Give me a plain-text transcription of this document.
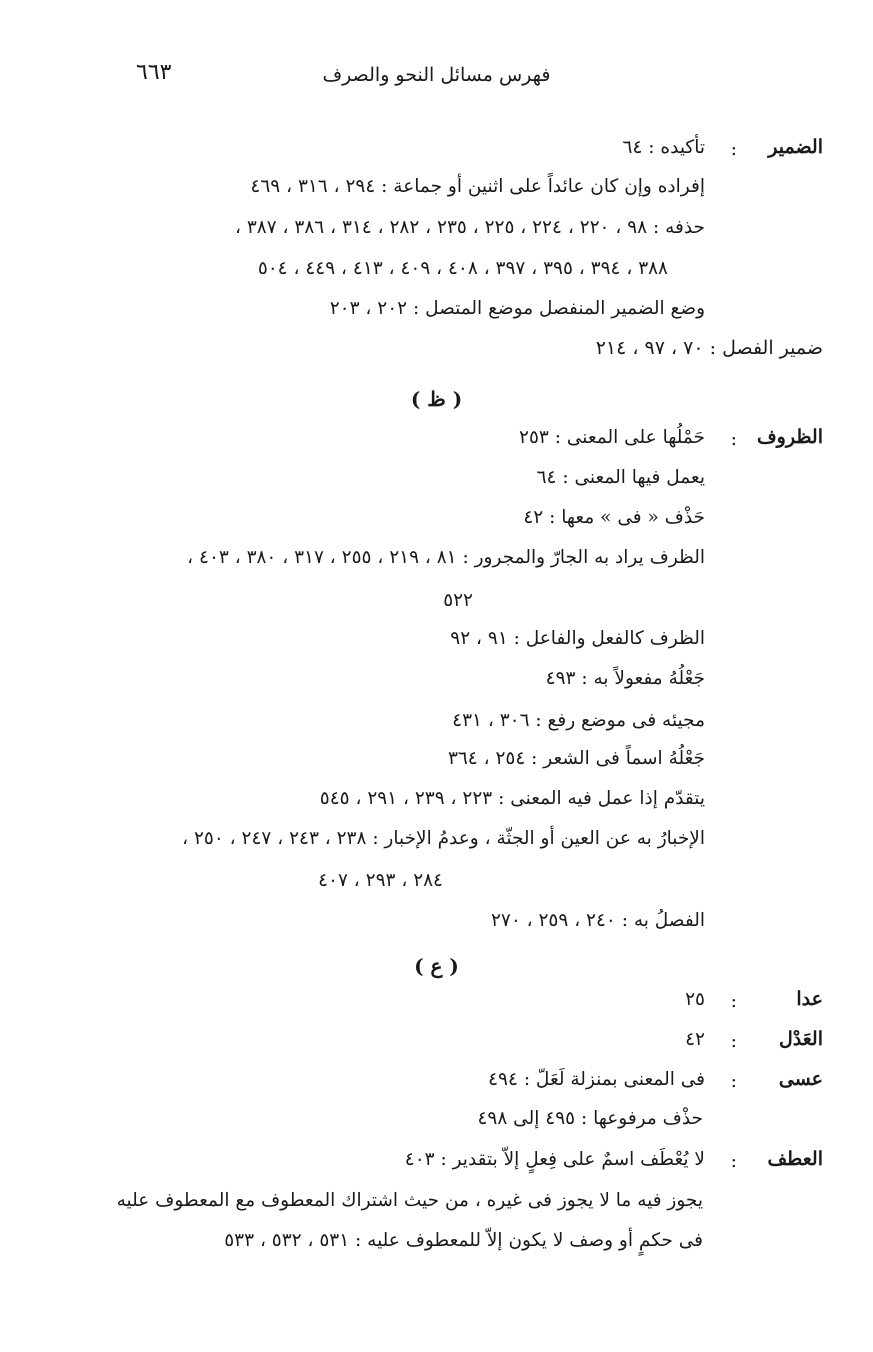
فهرس مسائل النحو والصرف
٦٦٣
الضمير
:
تأكيده : ٦٤
إفراده وإن كان عائداً على اثنين أو جماعة : ٢٩٤ ، ٣١٦ ، ٤٦٩
حذفه : ٩٨ ، ٢٢٠ ، ٢٢٤ ، ٢٢٥ ، ٢٣٥ ، ٢٨٢ ، ٣١٤ ، ٣٨٦ ، ٣٨٧ ،
٣٨٨ ، ٣٩٤ ، ٣٩٥ ، ٣٩٧ ، ٤٠٨ ، ٤٠٩ ، ٤١٣ ، ٤٤٩ ، ٥٠٤
وضع الضمير المنفصل موضع المتصل : ٢٠٢ ، ٢٠٣
ضمير الفصل : ٧٠ ، ٩٧ ، ٢١٤
( ظ )
الظروف
:
حَمْلُها على المعنى : ٢٥٣
يعمل فيها المعنى : ٦٤
حَذْف « فى » معها : ٤٢
الظرف يراد به الجارّ والمجرور : ٨١ ، ٢١٩ ، ٢٥٥ ، ٣١٧ ، ٣٨٠ ، ٤٠٣ ،
٥٢٢
الظرف كالفعل والفاعل : ٩١ ، ٩٢
جَعْلُهُ مفعولاً به : ٤٩٣
مجيئه فى موضع رفع : ٣٠٦ ، ٤٣١
جَعْلُهُ اسماً فى الشعر : ٢٥٤ ، ٣٦٤
يتقدّم إذا عمل فيه المعنى : ٢٢٣ ، ٢٣٩ ، ٢٩١ ، ٥٤٥
الإخبارُ به عن العين أو الجثّة ، وعدمُ الإخبار : ٢٣٨ ، ٢٤٣ ، ٢٤٧ ، ٢٥٠ ،
٢٨٤ ، ٢٩٣ ، ٤٠٧
الفصلُ به : ٢٤٠ ، ٢٥٩ ، ٢٧٠
( ع )
عدا
:
٢٥
العَدْل
:
٤٢
عسى
:
فى المعنى بمنزلة لَعَلّ : ٤٩٤
حذْف مرفوعها : ٤٩٥ إلى ٤٩٨
العطف
:
لا يُعْطَف اسمٌ على فِعلٍ إلاّ بتقدير : ٤٠٣
يجوز فيه ما لا يجوز فى غيره ، من حيث اشتراك المعطوف مع المعطوف عليه
فى حكمٍ أو وصف لا يكون إلاّ للمعطوف عليه : ٥٣١ ، ٥٣٢ ، ٥٣٣
